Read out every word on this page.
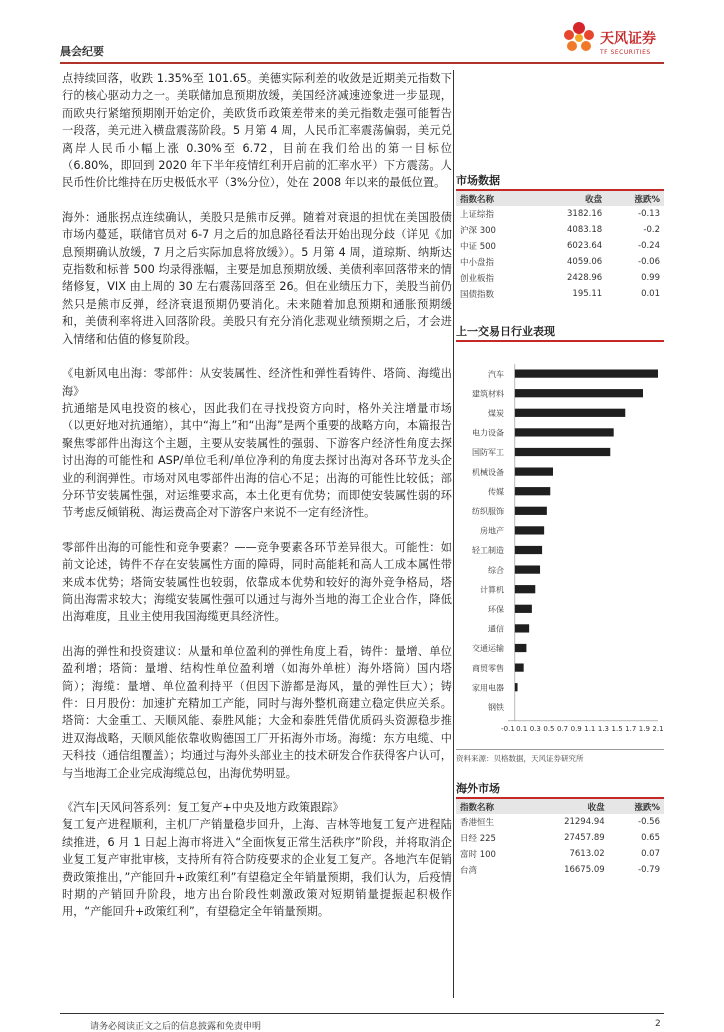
晨会纪要
天风证券
TF SECURITIES

点持续回落，收跌 1.35%至 101.65。美德实际利差的收敛是近期美元指数下行的核心驱动力之一。美联储加息预期放缓，美国经济减速迹象进一步显现，而欧央行紧缩预期刚开始定价，美欧货币政策差带来的美元指数走强可能暂告一段落，美元进入横盘震荡阶段。5 月第 4 周，人民币汇率震荡偏弱，美元兑离岸人民币小幅上涨 0.30%至 6.72，目前在我们给出的第一目标位（6.80%，即回到 2020 年下半年疫情红利开启前的汇率水平）下方震荡。人民币性价比维持在历史极低水平（3%分位），处在 2008 年以来的最低位置。

海外：通胀拐点连续确认，美股只是熊市反弹。随着对衰退的担忧在美国股债市场内蔓延，联储官员对 6-7 月之后的加息路径看法开始出现分歧（详见《加息预期确认放缓，7 月之后实际加息将放缓》）。5 月第 4 周，道琼斯、纳斯达克指数和标普 500 均录得涨幅，主要是加息预期放缓、美债利率回落带来的情绪修复，VIX 由上周的 30 左右震荡回落至 26。但在业绩压力下，美股当前仍然只是熊市反弹，经济衰退预期仍要消化。未来随着加息预期和通胀预期缓和，美债利率将进入回落阶段。美股只有充分消化悲观业绩预期之后，才会进入情绪和估值的修复阶段。

《电新风电出海：零部件：从安装属性、经济性和弹性看铸件、塔筒、海缆出海》

抗通缩是风电投资的核心，因此我们在寻找投资方向时，格外关注增量市场（以更好地对抗通缩），其中“海上”和“出海”是两个重要的战略方向，本篇报告聚焦零部件出海这个主题，主要从安装属性的强弱、下游客户经济性角度去探讨出海的可能性和 ASP/单位毛利/单位净利的角度去探讨出海对各环节龙头企业的利润弹性。市场对风电零部件出海的信心不足；出海的可能性比较低；部分环节安装属性强，对运维要求高，本土化更有优势；而即使安装属性弱的环节考虑反倾销税、海运费高企对下游客户来说不一定有经济性。

零部件出海的可能性和竞争要素？——竞争要素各环节差异很大。可能性：如前文论述，铸件不存在安装属性方面的障碍，同时高能耗和高人工成本属性带来成本优势；塔筒安装属性也较弱，依靠成本优势和较好的海外竞争格局，塔筒出海需求较大；海缆安装属性强可以通过与海外当地的海工企业合作，降低出海难度，且业主使用我国海缆更具经济性。

出海的弹性和投资建议：从量和单位盈利的弹性角度上看，铸件：量增、单位盈利增；塔筒：量增、结构性单位盈利增（如海外单桩）海外塔筒）国内塔筒）；海缆：量增、单位盈利持平（但因下游都是海风，量的弹性巨大）；铸件：日月股份：加速扩充精加工产能，同时与海外整机商建立稳定供应关系。塔筒：大金重工、天顺风能、泰胜风能；大金和泰胜凭借优质码头资源稳步推进双海战略，天顺风能依靠收购德国工厂开拓海外市场。海缆：东方电缆、中天科技（通信组覆盖）；均通过与海外头部业主的技术研发合作获得客户认可，与当地海工企业完成海缆总包，出海优势明显。

《汽车|天风问答系列：复工复产+中央及地方政策跟踪》

复工复产进程顺利，主机厂产销量稳步回升，上海、吉林等地复工复产进程陆续推进，6 月 1 日起上海市将进入“全面恢复正常生活秩序”阶段，并将取消企业复工复产审批审核，支持所有符合防疫要求的企业复工复产。各地汽车促销费政策推出，”产能回升+政策红利”有望稳定全年销量预期，我们认为，后疫情时期的产销回升阶段，地方出台阶段性刺激政策对短期销量提振起积极作用，“产能回升+政策红利”，有望稳定全年销量预期。

市场数据
指数名称	收盘	涨跌%
上证综指	3182.16	-0.13
沪深 300	4083.18	-0.2
中证 500	6023.64	-0.24
中小盘指	4059.06	-0.06
创业板指	2428.96	0.99
国债指数	195.11	0.01
上一交易日行业表现
汽车
建筑材料
煤炭
电力设备
国防军工
机械设备
传媒
纺织服饰
房地产
轻工制造
综合
计算机
环保
通信
交通运输
商贸零售
家用电器
钢铁
-0.1 0.1 0.3 0.5 0.7 0.9 1.1 1.3 1.5 1.7 1.9 2.1
资料来源：贝格数据，天风证券研究所
海外市场
指数名称	收盘	涨跌%
香港恒生	21294.94	-0.56
日经 225	27457.89	0.65
富时 100	7613.02	0.07
台湾	16675.09	-0.79
请务必阅读正文之后的信息披露和免责申明	2
